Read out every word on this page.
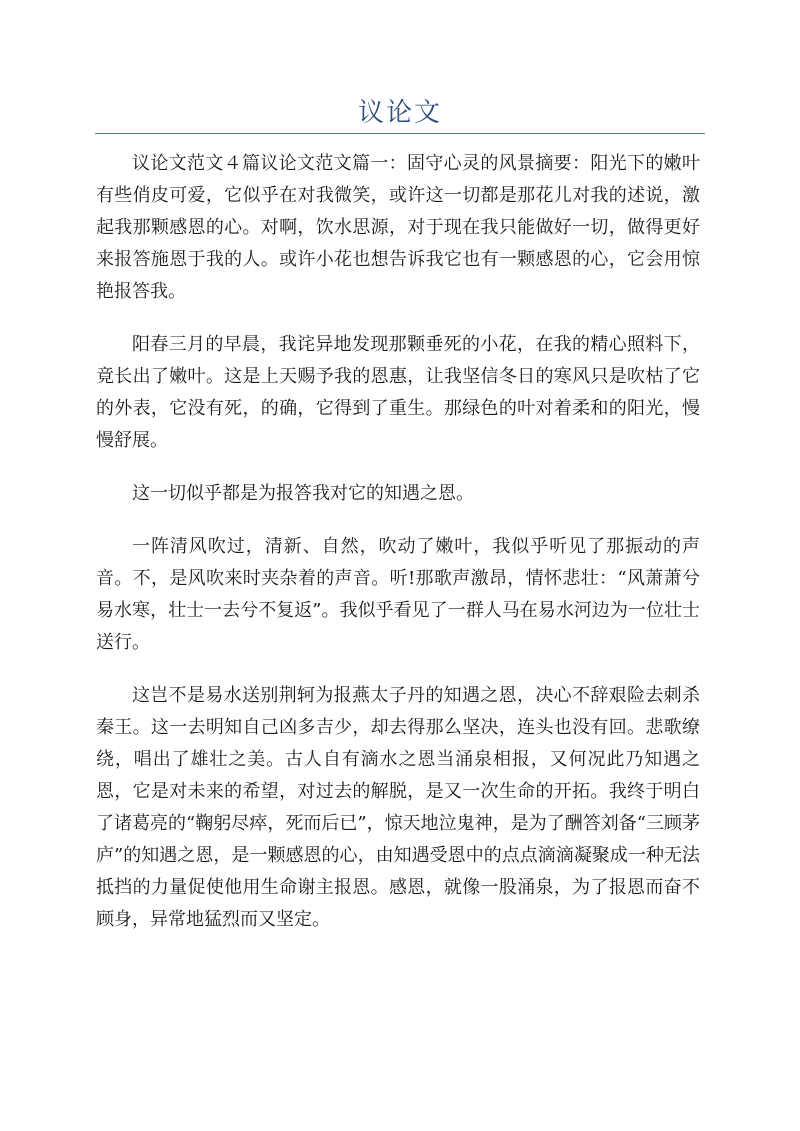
议论文

议论文范文４篇议论文范文篇一：固守心灵的风景摘要：阳光下的嫩叶有些俏皮可爱，它似乎在对我微笑，或许这一切都是那花儿对我的述说，激起我那颗感恩的心。对啊，饮水思源，对于现在我只能做好一切，做得更好来报答施恩于我的人。或许小花也想告诉我它也有一颗感恩的心，它会用惊艳报答我。

阳春三月的早晨，我诧异地发现那颗垂死的小花，在我的精心照料下，竟长出了嫩叶。这是上天赐予我的恩惠，让我坚信冬日的寒风只是吹枯了它的外表，它没有死，的确，它得到了重生。那绿色的叶对着柔和的阳光，慢慢舒展。

这一切似乎都是为报答我对它的知遇之恩。

一阵清风吹过，清新、自然，吹动了嫩叶，我似乎听见了那振动的声音。不，是风吹来时夹杂着的声音。听!那歌声激昂，情怀悲壮：“风萧萧兮易水寒，壮士一去兮不复返”。我似乎看见了一群人马在易水河边为一位壮士送行。

这岂不是易水送别荆轲为报燕太子丹的知遇之恩，决心不辞艰险去刺杀秦王。这一去明知自己凶多吉少，却去得那么坚决，连头也没有回。悲歌缭绕，唱出了雄壮之美。古人自有滴水之恩当涌泉相报，又何况此乃知遇之恩，它是对未来的希望，对过去的解脱，是又一次生命的开拓。我终于明白了诸葛亮的“鞠躬尽瘁，死而后已”，惊天地泣鬼神，是为了酬答刘备“三顾茅庐”的知遇之恩，是一颗感恩的心，由知遇受恩中的点点滴滴凝聚成一种无法抵挡的力量促使他用生命谢主报恩。感恩，就像一股涌泉，为了报恩而奋不顾身，异常地猛烈而又坚定。
